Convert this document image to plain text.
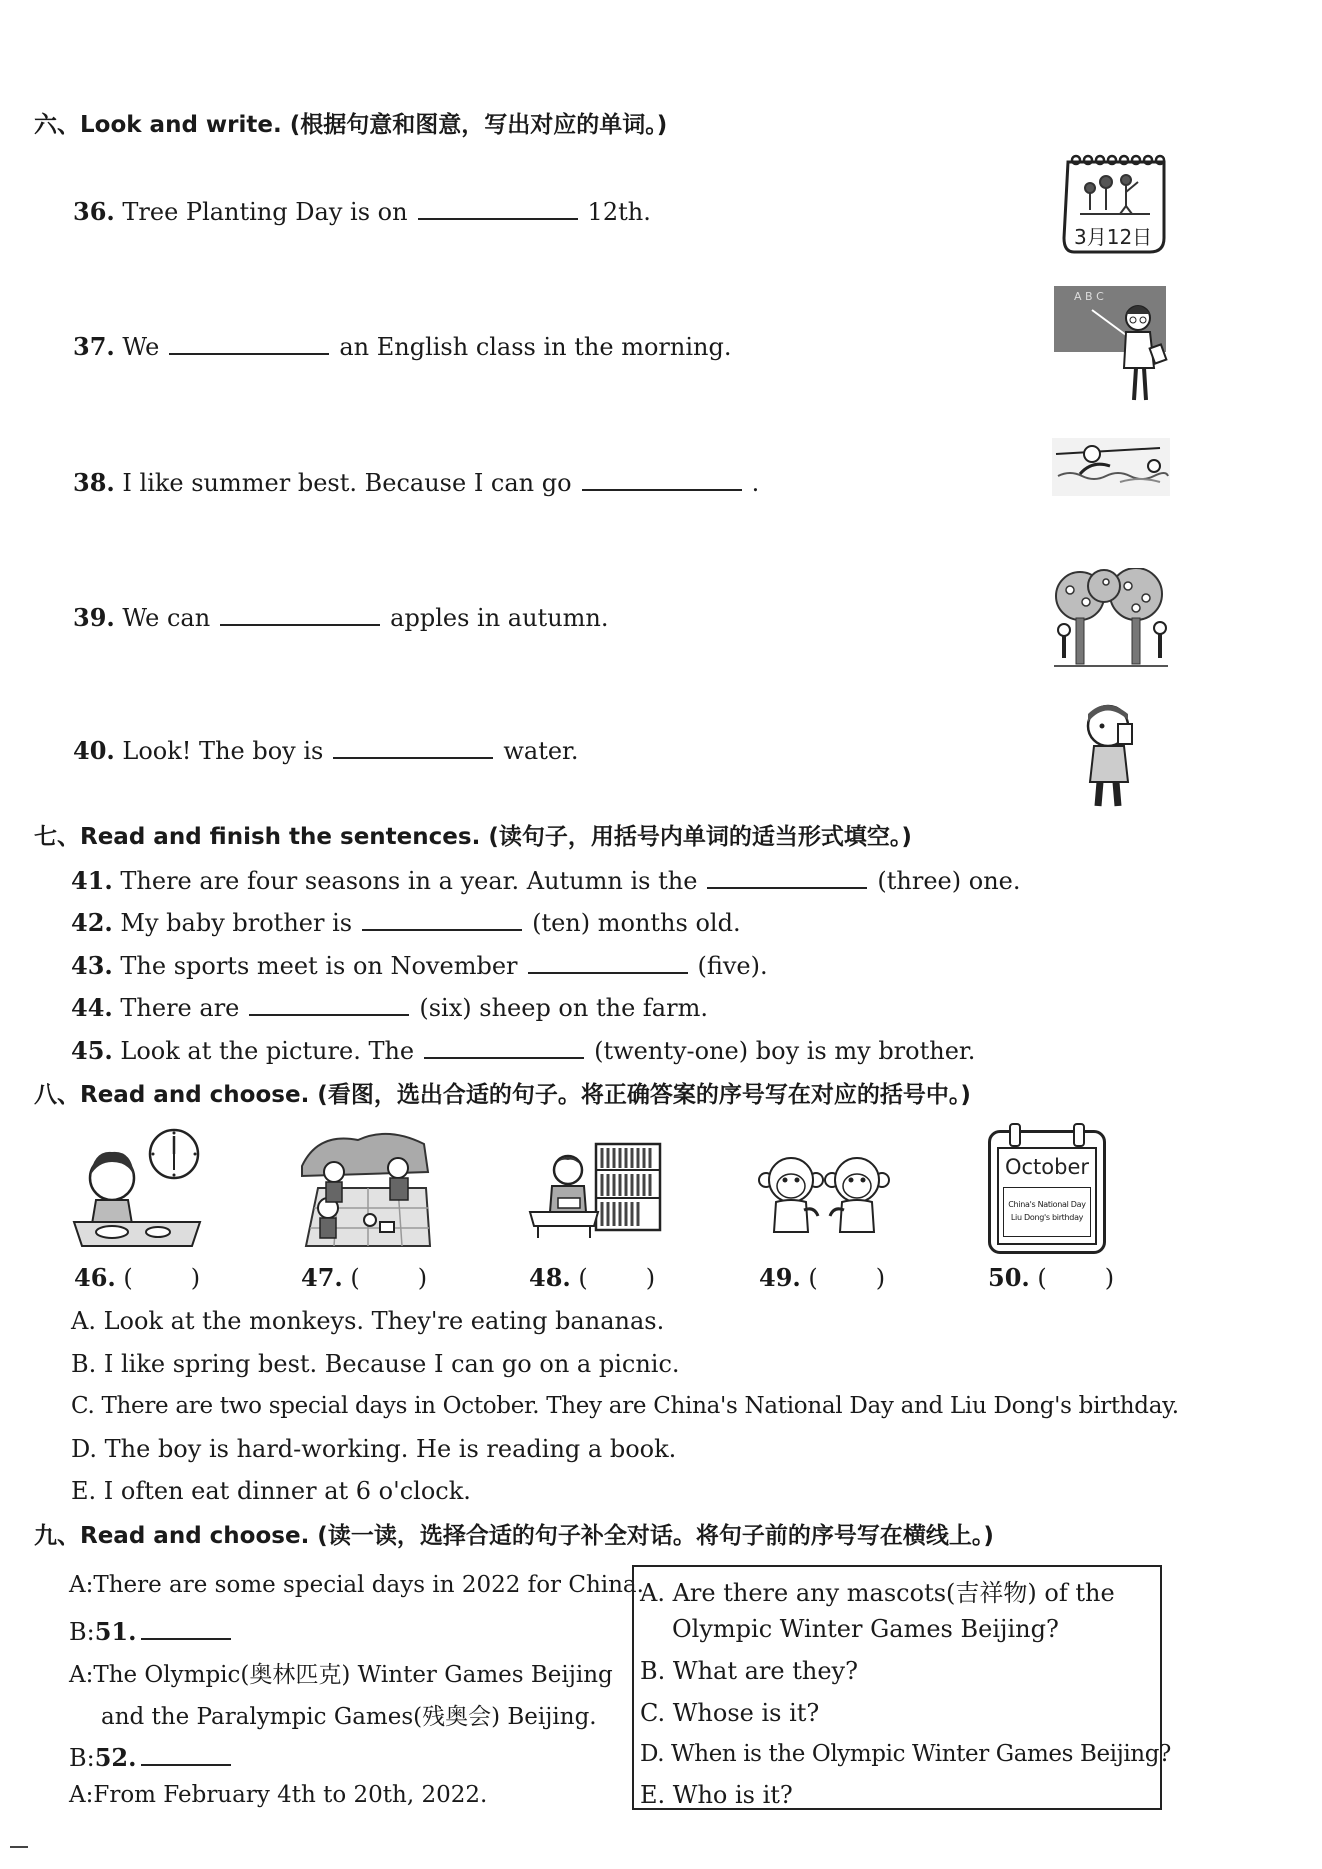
六、Look and write. (根据句意和图意，写出对应的单词。)
36. Tree Planting Day is on	12th.
37. We	an English class in the morning.
38. I like summer best. Because I can go	.
39. We can	apples in autumn.
40. Look! The boy is	water.
3月12日
A B C
七、Read and finish the sentences. (读句子，用括号内单词的适当形式填空。)
41. There are four seasons in a year. Autumn is the	(three) one.
42. My baby brother is	(ten) months old.
43. The sports meet is on November	(five).
44. There are	(six) sheep on the farm.
45. Look at the picture. The	(twenty-one) boy is my brother.
八、Read and choose. (看图，选出合适的句子。将正确答案的序号写在对应的括号中。)
October
China's National Day
Liu Dong's birthday
46. ( )	47. ( )	48. ( )	49. ( )	50. ( )
A. Look at the monkeys. They're eating bananas.
B. I like spring best. Because I can go on a picnic.
C. There are two special days in October. They are China's National Day and Liu Dong's birthday.
D. The boy is hard-working. He is reading a book.
E. I often eat dinner at 6 o'clock.
九、Read and choose. (读一读，选择合适的句子补全对话。将句子前的序号写在横线上。)
A:There are some special days in 2022 for China.
B:51.
A:The Olympic(奥林匹克) Winter Games Beijing
and the Paralympic Games(残奥会) Beijing.
B:52.
A:From February 4th to 20th, 2022.
A. Are there any mascots(吉祥物) of the
Olympic Winter Games Beijing?
B. What are they?
C. Whose is it?
D. When is the Olympic Winter Games Beijing?
E. Who is it?
